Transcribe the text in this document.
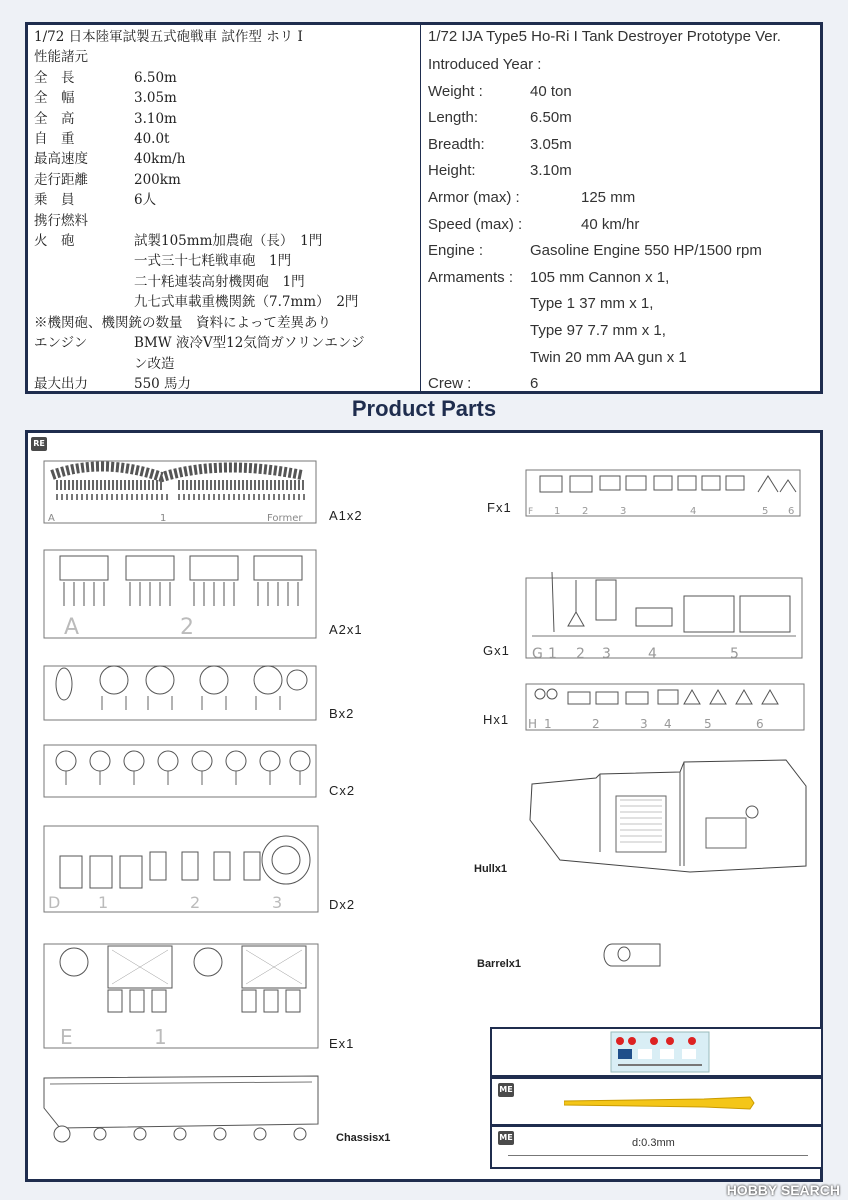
1/72 日本陸軍試製五式砲戦車 試作型 ホリ I
性能諸元
全　長	6.50m
全　幅	3.05m
全　高	3.10m
自　重	40.0t
最高速度	40km/h
走行距離	200km
乗　員	6人
携行燃料
火　砲	試製105mm加農砲（長）　1門
一式三十七粍戦車砲　1門
二十粍連装高射機関砲　1門
九七式車載重機関銃（7.7mm）　2門
※機関砲、機関銃の数量　資料によって差異あり
エンジン	BMW 液冷V型12気筒ガソリンエンジ
ン改造
最大出力	550 馬力
1/72 IJA Type5 Ho-Ri I Tank Destroyer Prototype Ver.
Introduced Year :
Weight :	40 ton
Length:	6.50m
Breadth:	3.05m
Height:	3.10m
Armor (max) :	125 mm
Speed (max) :	40 km/hr
Engine :	Gasoline Engine 550 HP/1500 rpm
Armaments :	105 mm Cannon x 1,
Type 1 37 mm x 1,
Type 97 7.7 mm x 1,
Twin 20 mm AA gun x 1
Crew :	6
Product Parts
RE
A	1	Former A1x2
A	2	A2x1
Bx2
Cx2
D 1	2	3	Dx2
E	1	Ex1
Chassisx1
F 1 2	3	4	5 6
Fx1
G 1 2 3	4	5
Gx1
H 1	2	3 4	5	6
Hx1
Hullx1
Barrelx1
ME
ME	d:0.3mm
HOBBY SEARCH
